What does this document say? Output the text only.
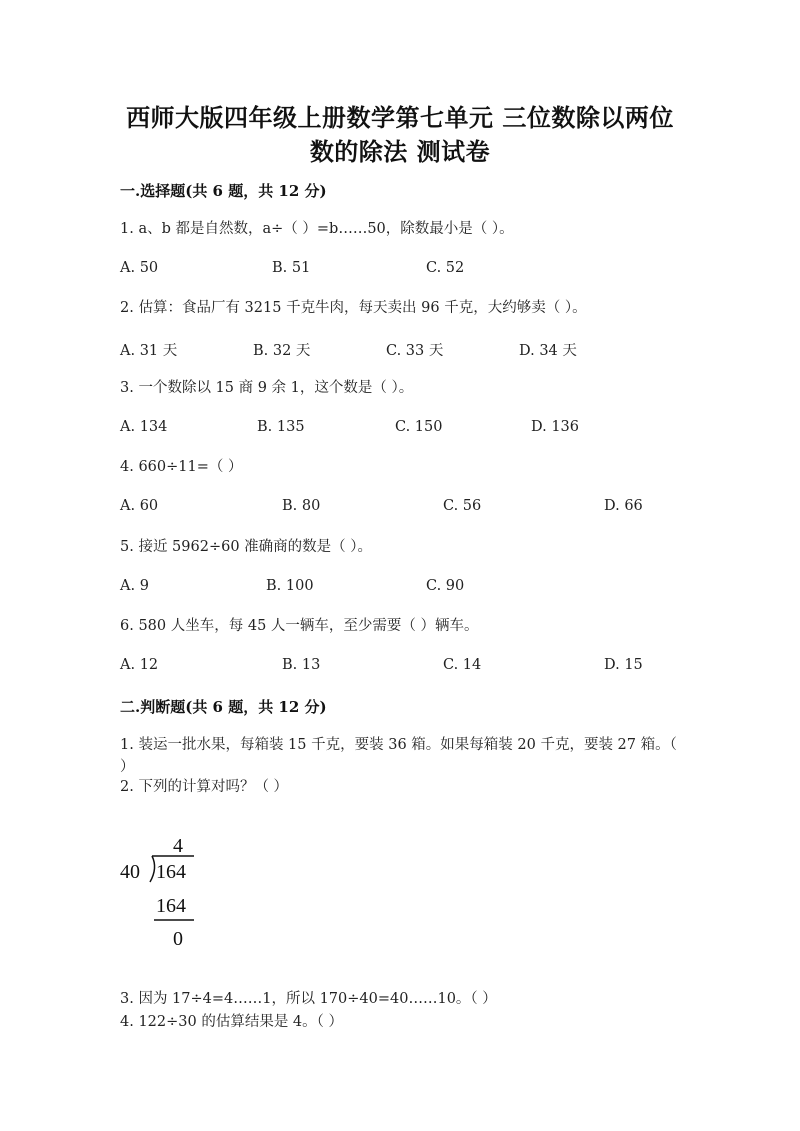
西师大版四年级上册数学第七单元 三位数除以两位
数的除法 测试卷
一.选择题(共 6 题，共 12 分)
1. a、b 都是自然数，a÷（ ）=b……50，除数最小是（ ）。
A. 50	B. 51	C. 52
2. 估算：食品厂有 3215 千克牛肉，每天卖出 96 千克，大约够卖（ ）。
A. 31 天	B. 32 天	C. 33 天	D. 34 天
3. 一个数除以 15 商 9 余 1，这个数是（ ）。
A. 134	B. 135	C. 150	D. 136
4. 660÷11=（ ）
A. 60	B. 80	C. 56	D. 66
5. 接近 5962÷60 准确商的数是（ ）。
A. 9	B. 100	C. 90
6. 580 人坐车，每 45 人一辆车，至少需要（ ）辆车。
A. 12	B. 13	C. 14	D. 15
二.判断题(共 6 题，共 12 分)
1. 装运一批水果，每箱装 15 千克，要装 36 箱。如果每箱装 20 千克，要装 27 箱。（ ）
2. 下列的计算对吗？（ ）
4
40 164
164
0
3. 因为 17÷4=4……1，所以 170÷40=40……10。（ ）
4. 122÷30 的估算结果是 4。（ ）
